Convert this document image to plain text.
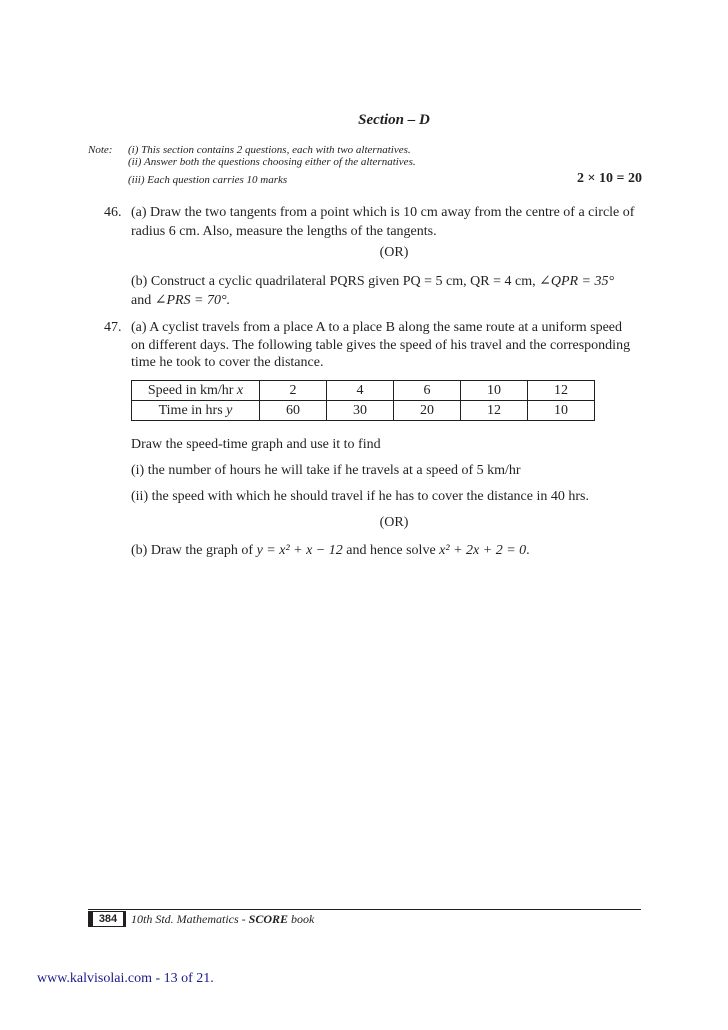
Section – D
Note: (i) This section contains 2 questions, each with two alternatives.
(ii) Answer both the questions choosing either of the alternatives.
(iii) Each question carries 10 marks	2 × 10 = 20
46. (a) Draw the two tangents from a point which is 10 cm away from the centre of a circle of
radius 6 cm. Also, measure the lengths of the tangents.
(OR)
(b) Construct a cyclic quadrilateral PQRS given PQ = 5 cm, QR = 4 cm, ∠QPR = 35°
and ∠PRS = 70°.
47. (a) A cyclist travels from a place A to a place B along the same route at a uniform speed
on different days. The following table gives the speed of his travel and the corresponding
time he took to cover the distance.
Speed in km/hr x	2	4	6	10	12
Time in hrs y	60	30	20	12	10
Draw the speed-time graph and use it to find
(i) the number of hours he will take if he travels at a speed of 5 km/hr
(ii) the speed with which he should travel if he has to cover the distance in 40 hrs.
(OR)
(b) Draw the graph of y = x² + x − 12 and hence solve x² + 2x + 2 = 0.
384	10th Std. Mathematics - SCORE book
www.kalvisolai.com - 13 of 21.
